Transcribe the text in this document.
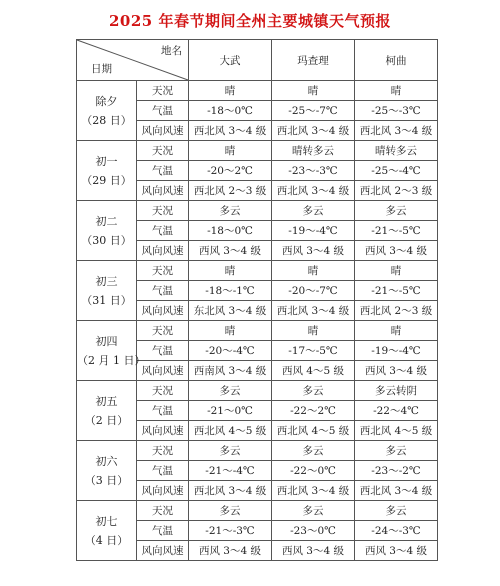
2025 年春节期间全州主要城镇天气预报
地名
日期		大武	玛查理	柯曲

除夕
（28 日）	天况	晴	晴	晴
	气温	-18～0℃	-25～-7℃	-25～-3℃
	风向风速	西北风 3～4 级	西北风 3～4 级	西北风 3～4 级

初一
（29 日）	天况	晴	晴转多云	晴转多云
	气温	-20～2℃	-23～-3℃	-25～-4℃
	风向风速	西北风 2～3 级	西北风 3～4 级	西北风 2～3 级

初二
（30 日）	天况	多云	多云	多云
	气温	-18～0℃	-19～-4℃	-21～-5℃
	风向风速	西风 3～4 级	西风 3～4 级	西风 3～4 级

初三
（31 日）	天况	晴	晴	晴
	气温	-18～-1℃	-20～-7℃	-21～-5℃
	风向风速	东北风 3～4 级	西北风 3～4 级	西北风 2～3 级

初四
（2 月 1 日）	天况	晴	晴	晴
	气温	-20～-4℃	-17～-5℃	-19～-4℃
	风向风速	西南风 3～4 级	西风 4～5 级	西风 3～4 级

初五
（2 日）	天况	多云	多云	多云转阴
	气温	-21～0℃	-22～2℃	-22～4℃
	风向风速	西北风 4～5 级	西北风 4～5 级	西北风 4～5 级

初六
（3 日）	天况	多云	多云	多云
	气温	-21～-4℃	-22～0℃	-23～-2℃
	风向风速	西北风 3～4 级	西北风 3～4 级	西北风 3～4 级

初七
（4 日）	天况	多云	多云	多云
	气温	-21～-3℃	-23～0℃	-24～-3℃
	风向风速	西风 3～4 级	西风 3～4 级	西风 3～4 级
